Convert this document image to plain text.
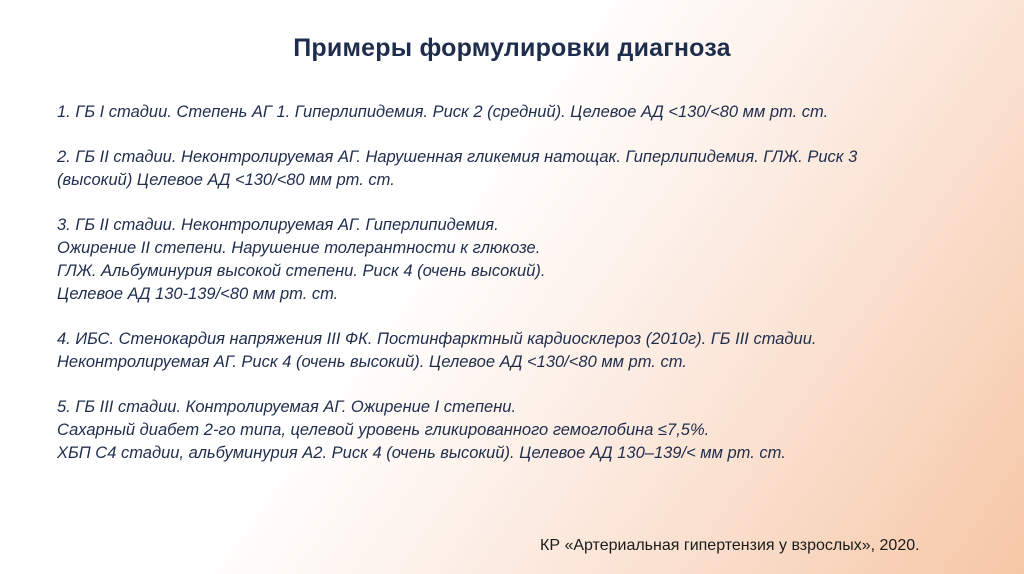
Примеры формулировки диагноза
1. ГБ I стадии. Степень АГ 1. Гиперлипидемия. Риск 2 (средний). Целевое АД <130/<80 мм рт. ст.
2. ГБ II стадии. Неконтролируемая АГ. Нарушенная гликемия натощак. Гиперлипидемия. ГЛЖ. Риск 3
(высокий) Целевое АД <130/<80 мм рт. ст.
3. ГБ II стадии. Неконтролируемая АГ. Гиперлипидемия.
Ожирение II степени. Нарушение толерантности к глюкозе.
ГЛЖ. Альбуминурия высокой степени. Риск 4 (очень высокий).
Целевое АД 130-139/<80 мм рт. ст.
4. ИБС. Стенокардия напряжения III ФК. Постинфарктный кардиосклероз (2010г). ГБ III стадии.
Неконтролируемая АГ. Риск 4 (очень высокий). Целевое АД <130/<80 мм рт. ст.
5. ГБ III стадии. Контролируемая АГ. Ожирение I степени.
Сахарный диабет 2-го типа, целевой уровень гликированного гемоглобина ≤7,5%.
ХБП С4 стадии, альбуминурия А2. Риск 4 (очень высокий). Целевое АД 130–139/< мм рт. ст.
КР «Артериальная гипертензия у взрослых», 2020.
